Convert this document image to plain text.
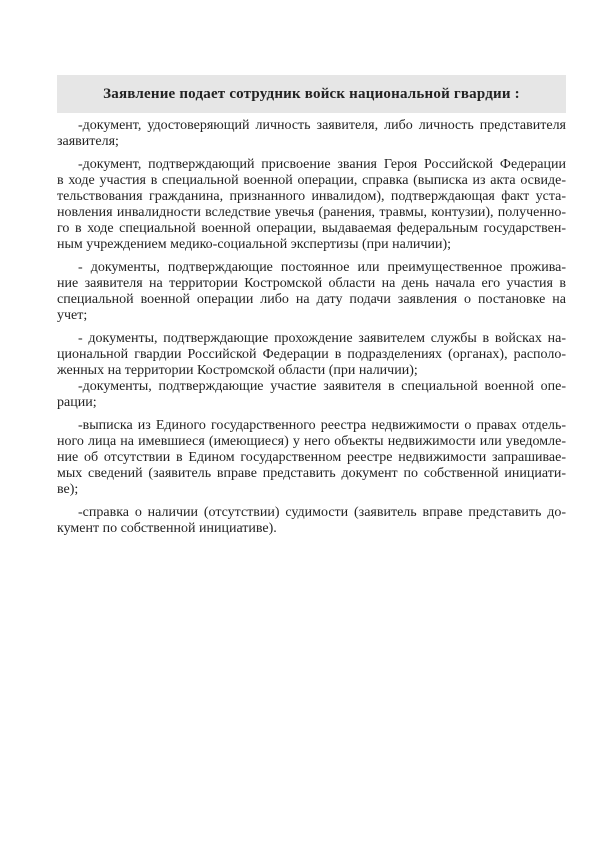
Заявление подает сотрудник войск национальной гвардии :

-документ, удостоверяющий личность заявителя, либо личность представителя
заявителя;

-документ, подтверждающий присвоение звания Героя Российской Федерации
в ходе участия в специальной военной операции, справка (выписка из акта освиде-
тельствования гражданина, признанного инвалидом), подтверждающая факт уста-
новления инвалидности вследствие увечья (ранения, травмы, контузии), полученно-
го в ходе специальной военной операции, выдаваемая федеральным государствен-
ным учреждением медико-социальной экспертизы (при наличии);

- документы, подтверждающие постоянное или преимущественное прожива-
ние заявителя на территории Костромской области на день начала его участия в
специальной военной операции либо на дату подачи заявления о постановке на
учет;

- документы, подтверждающие прохождение заявителем службы в войсках на-
циональной гвардии Российской Федерации в подразделениях (органах), располо-
женных на территории Костромской области (при наличии);

-документы, подтверждающие участие заявителя в специальной военной опе-
рации;

-выписка из Единого государственного реестра недвижимости о правах отдель-
ного лица на имевшиеся (имеющиеся) у него объекты недвижимости или уведомле-
ние об отсутствии в Едином государственном реестре недвижимости запрашивае-
мых сведений (заявитель вправе представить документ по собственной инициати-
ве);

-справка о наличии (отсутствии) судимости (заявитель вправе представить до-
кумент по собственной инициативе).
